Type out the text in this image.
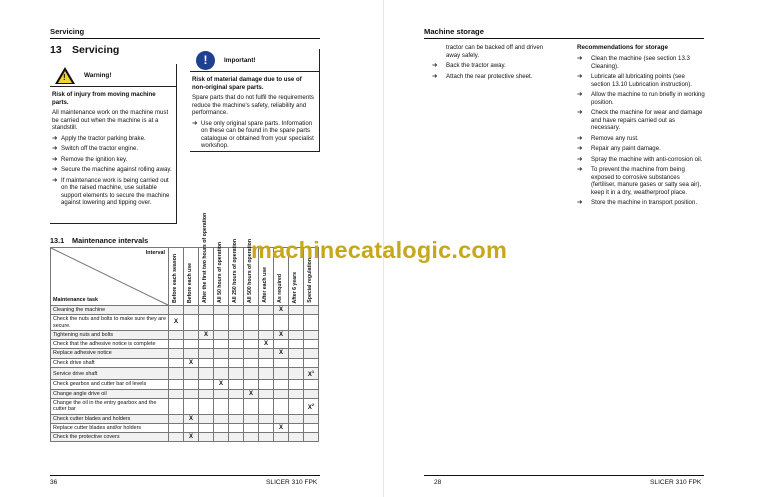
Servicing
13 Servicing
!	Warning!

Risk of injury from moving machine parts.

All maintenance work on the machine must be carried out when the machine is at a standstill.

➔ Apply the tractor parking brake.
➔ Switch off the tractor engine.
➔ Remove the ignition key.
➔ Secure the machine against rolling away.
➔ If maintenance work is being carried out on the raised machine, use suitable support elements to secure the machine against lowering and tipping over.
!	Important!

Risk of material damage due to use of non-original spare parts.

Spare parts that do not fulfil the requirements reduce the machine's safety, reliability and performance.

➔ Use only original spare parts. Information on these can be found in the spare parts catalogue or obtained from your specialist workshop.
13.1 Maintenance intervals
Interval
Maintenance task	Before each season	Before each use	After the first two hours of operation	All 50 hours of operation	All 250 hours of operation	All 500 hours of operation	After each use	As required	After 6 years	Special regulation

Cleaning the machine								X		
Check the nuts and bolts to make sure they are secure.	X									
Tightening nuts and bolts			X					X		
Check that the adhesive notice is complete							X			
Replace adhesive notice								X		
Check drive shaft		X								
Service drive shaft										$X^1$
Check gearbox and cutter bar oil levels				X						
Change angle drive oil						X				
Change the oil in the entry gearbox and the cutter bar										$X^2$
Check cutter blades and holders		X								
Replace cutter blades and/or holders								X		
Check the protective covers		X								
36	SLICER 310 FPK
Machine storage

tractor can be backed off and driven away safely.

➔ Back the tractor away.
➔ Attach the rear protective sheet.
Recommendations for storage
➔	Clean the machine (see section 13.3 Cleaning).
➔	Lubricate all lubricating points (see section 13.10 Lubrication instruction).
➔	Allow the machine to run briefly in working position.
➔	Check the machine for wear and damage and have repairs carried out as necessary.
➔	Remove any rust.
➔	Repair any paint damage.
➔	Spray the machine with anti-corrosion oil.
➔	To prevent the machine from being exposed to corrosive substances (fertiliser, manure gases or salty sea air), keep it in a dry, weatherproof place.
➔	Store the machine in transport position.
28	SLICER 310 FPK
machinecatalogic.com
